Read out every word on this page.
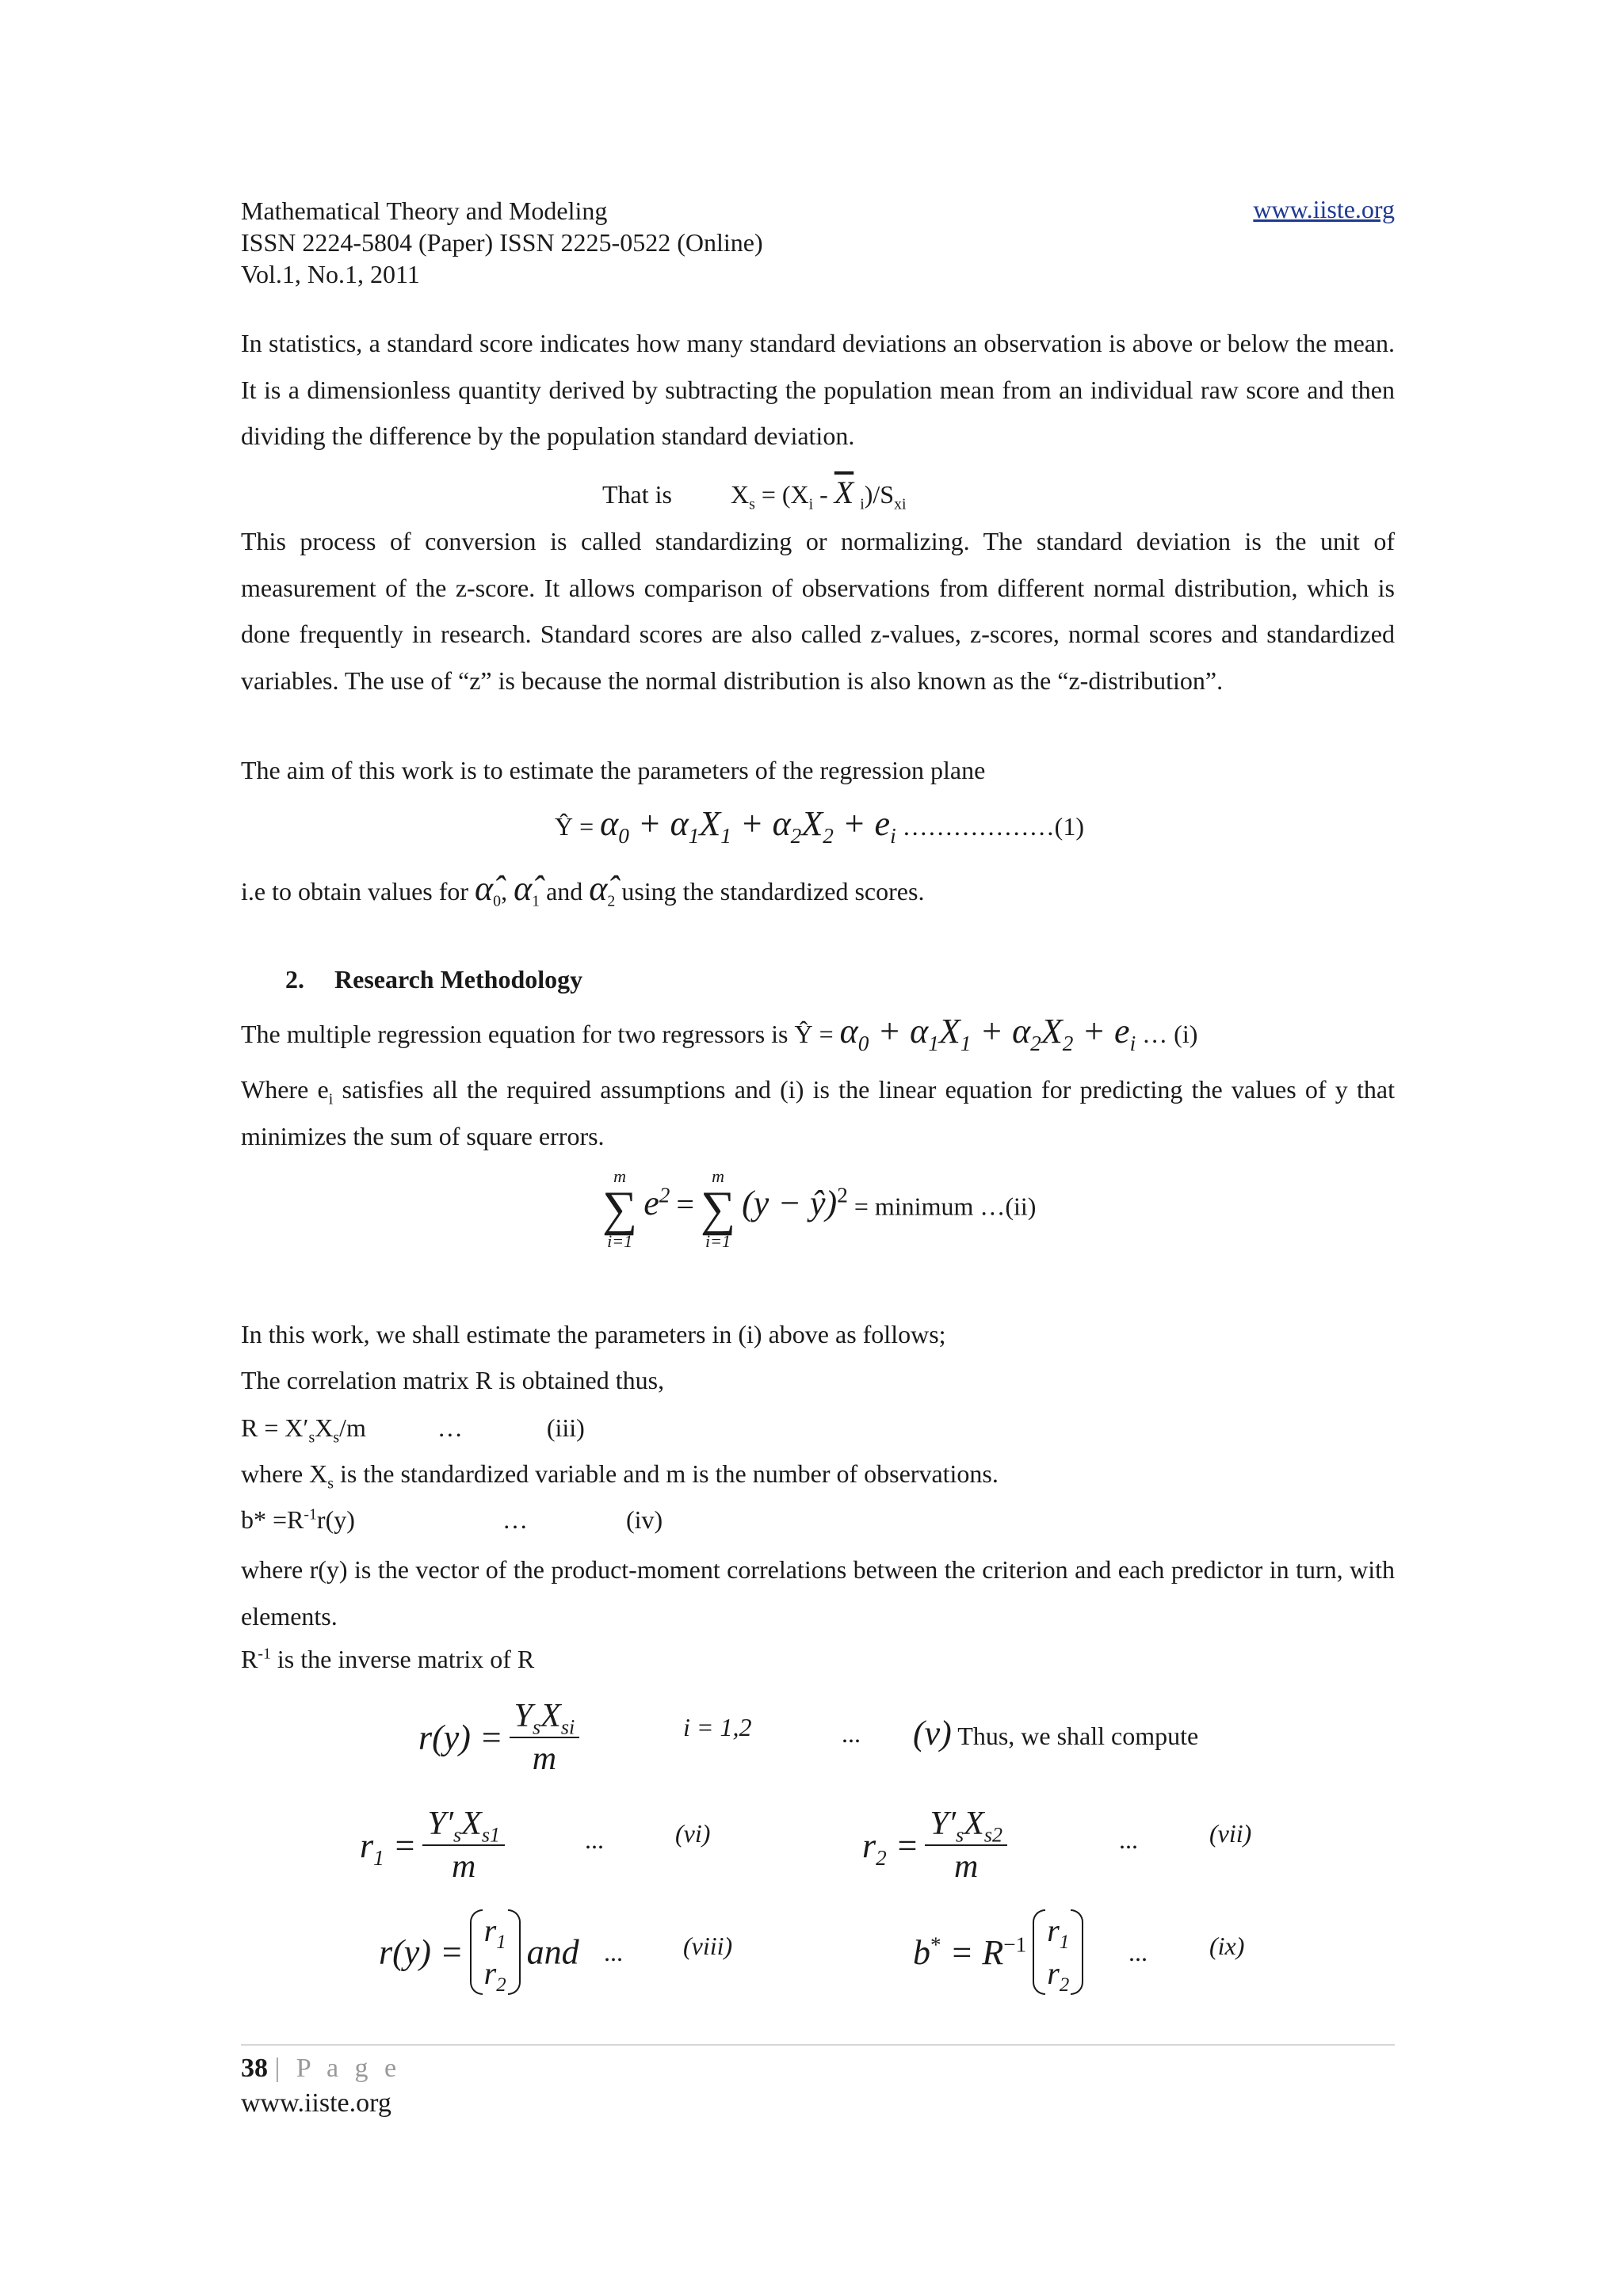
Mathematical Theory and Modeling	www.iiste.org
ISSN 2224-5804 (Paper) ISSN 2225-0522 (Online)
Vol.1, No.1, 2011
In statistics, a standard score indicates how many standard deviations an observation is above or below the mean. It is a dimensionless quantity derived by subtracting the population mean from an individual raw score and then dividing the difference by the population standard deviation.
That is $X_s = (X_i - \overline{X}$ $_i)/S_{xi}$
This process of conversion is called standardizing or normalizing. The standard deviation is the unit of measurement of the z-score. It allows comparison of observations from different normal distribution, which is done frequently in research. Standard scores are also called z-values, z-scores, normal scores and standardized variables. The use of “z” is because the normal distribution is also known as the “z-distribution”.
The aim of this work is to estimate the parameters of the regression plane
Ŷ = $\alpha_0 + \alpha_1X_1 + \alpha_2X_2 + e_i$ ………………(1)
i.e to obtain values for $\alphâ_0$, $\alphâ_1$ and $\alphâ_2$ using the standardized scores.
2. Research Methodology
The multiple regression equation for two regressors is Ŷ = $\alpha_0 + \alpha_1X_1 + \alpha_2X_2 + e_i$ … (i)
Where $e_i$ satisfies all the required assumptions and (i) is the linear equation for predicting the values of y that minimizes the sum of square errors.
m
∑
i=1
$e^2$ =
m
∑
i=1
(y − ŷ)$^2$ = minimum …(ii)
In this work, we shall estimate the parameters in (i) above as follows;
The correlation matrix R is obtained thus,
$R = X'_sX_s/m$	…	(iii)
where $X_s$ is the standardized variable and m is the number of observations.
$b* =R^{-1}r(y)$	…	(iv)
where r(y) is the vector of the product-moment correlations between the criterion and each predictor in turn, with elements.
$R^{-1}$ is the inverse matrix of R
$r(y) = \frac{Y_sX_{si}}{m}$	i = 1,2	... (v) Thus, we shall compute
$r_1 = \frac{Y'_sX_{s1}}{m}$	...	(vi)	$r_2 = \frac{Y'_sX_{s2}}{m}$	...	(vii)
r(y) =
$r_1$
$r_2$
and ... (viii)	$b^* = R^{-1}$ $r_1$
$r_2$
... (ix)
38 | P a g e
www.iiste.org
